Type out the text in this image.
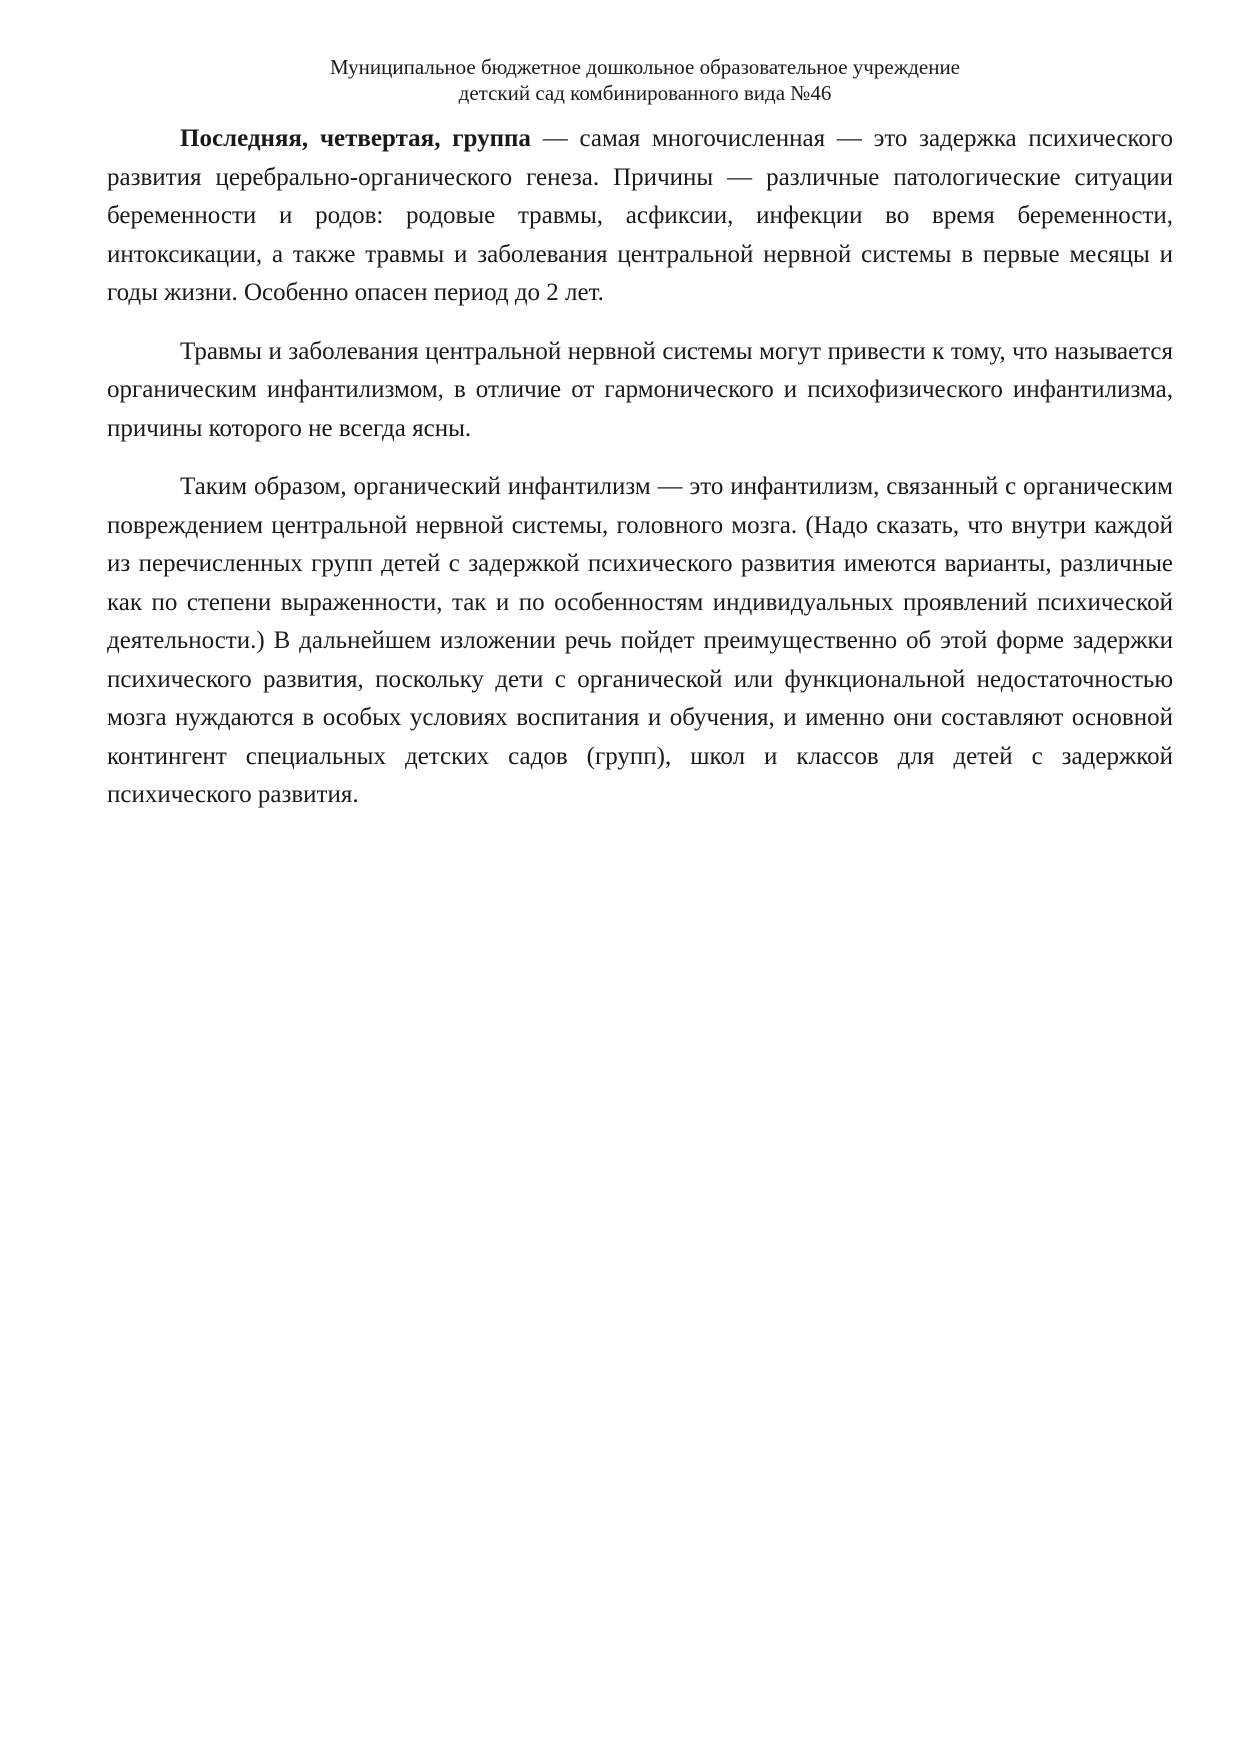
Муниципальное бюджетное дошкольное образовательное учреждение
детский сад комбинированного вида №46

Последняя, четвертая, группа — самая многочисленная — это задержка психического развития церебрально-органического генеза. Причины — различные патологические ситуации беременности и родов: родовые травмы, асфиксии, инфекции во время беременности, интоксикации, а также травмы и заболевания центральной нервной системы в первые месяцы и годы жизни. Особенно опасен период до 2 лет.

Травмы и заболевания центральной нервной системы могут привести к тому, что называется органическим инфантилизмом, в отличие от гармонического и психофизического инфантилизма, причины которого не всегда ясны.

Таким образом, органический инфантилизм — это инфантилизм, связанный с органическим повреждением центральной нервной системы, головного мозга. (Надо сказать, что внутри каждой из перечисленных групп детей с задержкой психического развития имеются варианты, различные как по степени выраженности, так и по особенностям индивидуальных проявлений психической деятельности.) В дальнейшем изложении речь пойдет преимущественно об этой форме задержки психического развития, поскольку дети с органической или функциональной недостаточностью мозга нуждаются в особых условиях воспитания и обучения, и именно они составляют основной контингент специальных детских садов (групп), школ и классов для детей с задержкой психического развития.
